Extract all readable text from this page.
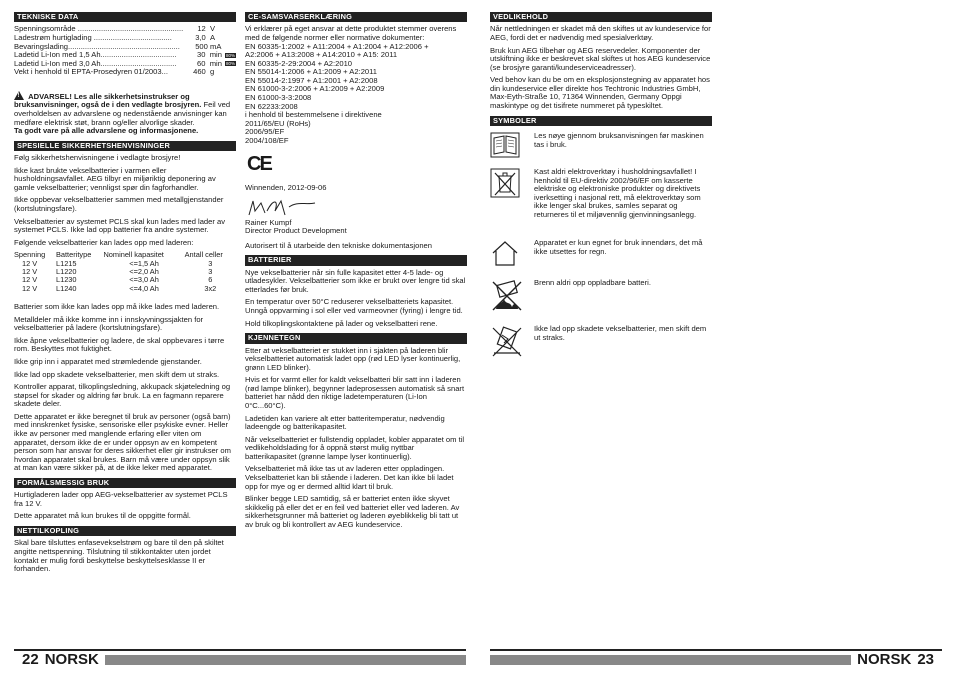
TEKNISKE DATA
Spenningsområde .................................................. 12 V
Ladestrøm hurtiglading .....................................	3,0 A
Bevaringslading..................................................... 500 mA
Ladetid Li-Ion med 1,5 Ah....................................	30 min 80%
Ladetid Li-Ion med 3,0 Ah....................................	60 min 80%
Vekt i henhold til EPTA-Prosedyren 01/2003...	460 g

! ADVARSEL! Les alle sikkerhetsinstrukser og bruksanvisninger, også de i den vedlagte brosjyren. Feil ved overholdelsen av advarslene og nedenstående anvisninger kan medføre elektrisk støt, brann og/eller alvorlige skader.
Ta godt vare på alle advarslene og informasjonene.

SPESIELLE SIKKERHETSHENVISNINGER

Følg sikkerhetshenvisningene i vedlagte brosjyre!

Ikke kast brukte vekselbatterier i varmen eller husholdningsavfallet. AEG tilbyr en miljøriktig deponering av gamle vekselbatterier; vennligst spør din fagforhandler.

Ikke oppbevar vekselbatterier sammen med metallgjenstander (kortslutningsfare).

Vekselbatterier av systemet PCLS skal kun lades med lader av systemet PCLS. Ikke lad opp batterier fra andre systemer.

Følgende vekselbatterier kan lades opp med laderen:

Spenning	Batteritype	Nominell kapasitet	Antall celler
12 V	L1215	<=1,5 Ah	3
12 V	L1220	<=2,0 Ah	3
12 V	L1230	<=3,0 Ah	6
12 V	L1240	<=4,0 Ah	3x2

Batterier som ikke kan lades opp må ikke lades med laderen.

Metalldeler må ikke komme inn i innskyvningssjakten for vekselbatterier på ladere (kortslutningsfare).

Ikke åpne vekselbatterier og ladere, de skal oppbevares i tørre rom. Beskyttes mot fuktighet.

Ikke grip inn i apparatet med strømledende gjenstander.

Ikke lad opp skadete vekselbatterier, men skift dem ut straks.

Kontroller apparat, tilkoplingsledning, akkupack skjøteledning og støpsel for skader og aldring før bruk. La en fagmann reparere skadete deler.

Dette apparatet er ikke beregnet til bruk av personer (også barn) med innskrenket fysiske, sensoriske eller psykiske evner. Heller ikke av personer med manglende erfaring eller viten om apparatet, dersom ikke de er under oppsyn av en kompetent person som har ansvar for deres sikkerhet eller gir instrukser om hvordan apparatet skal brukes. Barn må være under oppsyn slik at man kan være sikker på, at de ikke leker med apparatet.

FORMÅLSMESSIG BRUK

Hurtigladeren lader opp AEG-vekselbatterier av systemet PCLS fra 12 V.

Dette apparatet må kun brukes til de oppgitte formål.

NETTILKOPLING

Skal bare tilsluttes enfasevekselstrøm og bare til den på skiltet angitte nettspenning. Tilslutning til stikkontakter uten jordet kontakt er mulig fordi beskyttelse beskyttelsesklasse II er forhanden.

CE-SAMSVARSERKLÆRING

Vi erklærer på eget ansvar at dette produktet stemmer overens med de følgende normer eller normative dokumenter:

EN 60335-1:2002 + A11:2004 + A1:2004 + A12:2006 +
A2:2006 + A13:2008 + A14:2010 + A15: 2011
EN 60335-2-29:2004 + A2:2010
EN 55014-1:2006 + A1:2009 + A2:2011
EN 55014-2:1997 + A1:2001 + A2:2008
EN 61000-3-2:2006 + A1:2009 + A2:2009
EN 61000-3-3:2008
EN 62233:2008
i henhold til bestemmelsene i direktivene
2011/65/EU (RoHs)
2006/95/EF
2004/108/EF
CE

Winnenden, 2012-09-06

Rainer Kumpf
Director Product Development

Autorisert til å utarbeide den tekniske dokumentasjonen

BATTERIER

Nye vekselbatterier når sin fulle kapasitet etter 4-5 lade- og utladesykler. Vekselbatterier som ikke er brukt over lengre tid skal etterlades før bruk.

En temperatur over 50°C reduserer vekselbatteriets kapasitet. Unngå oppvarming i sol eller ved varmeovner (fyring) i lengre tid.

Hold tilkoplingskontaktene på lader og vekselbatteri rene.

KJENNETEGN

Etter at vekselbatteriet er stukket inn i sjakten på laderen blir vekselbatteriet automatisk ladet opp (rød LED lyser kontinuerlig, grønn LED blinker).

Hvis et for varmt eller for kaldt vekselbatteri blir satt inn i laderen (rød lampe blinker), begynner ladeprosessen automatisk så snart batteriet har nådd den riktige ladetemperaturen (Li-Ion 0°C...60°C).

Ladetiden kan variere alt etter batteritemperatur, nødvendig ladeengde og batterikapasitet.

Når vekselbatteriet er fullstendig oppladet, kobler apparatet om til vedlikeholdslading for å oppnå størst mulig nyttbar batterikapasitet (grønne lampe lyser kontinuerlig).

Vekselbatteriet må ikke tas ut av laderen etter oppladingen. Vekselbatteriet kan bli stående i laderen. Det kan ikke bli ladet opp for mye og er dermed alltid klart til bruk.

Blinker begge LED samtidig, så er batteriet enten ikke skyvet skikkelig på eller det er en feil ved batteriet eller ved laderen. Av sikkerhetsgrunner må batteriet og laderen øyeblikkelig bli tatt ut av bruk og bli kontrollert av AEG kundeservice.

VEDLIKEHOLD

Når nettledningen er skadet må den skiftes ut av kundeservice for AEG, fordi det er nødvendig med spesialverktøy.

Bruk kun AEG tilbehør og AEG reservedeler. Komponenter der utskiftning ikke er beskrevet skal skiftes ut hos AEG kundeservice (se brosjyre garanti/kundeserviceadresser).

Ved behov kan du be om en eksplosjonstegning av apparatet hos din kundeservice eller direkte hos Techtronic Industries GmbH, Max-Eyth-Straße 10, 71364 Winnenden, Germany Oppgi maskintype og det tisifrete nummeret på typeskiltet.

SYMBOLER
Les nøye gjennom bruksanvisningen før maskinen tas i bruk.
Kast aldri elektroverktøy i husholdningsavfallet! I henhold til EU-direktiv 2002/96/EF om kasserte elektriske og elektroniske produkter og direktivets iverksetting i nasjonal rett, må elektroverktøy som ikke lenger skal brukes, samles separat og returneres til et miljøvennlig gjenvinningsanlegg.
Apparatet er kun egnet for bruk innendørs, det må ikke utsettes for regn.
Brenn aldri opp oppladbare batteri.
Ikke lad opp skadete vekselbatterier, men skift dem ut straks.
22 NORSK	NORSK 23
